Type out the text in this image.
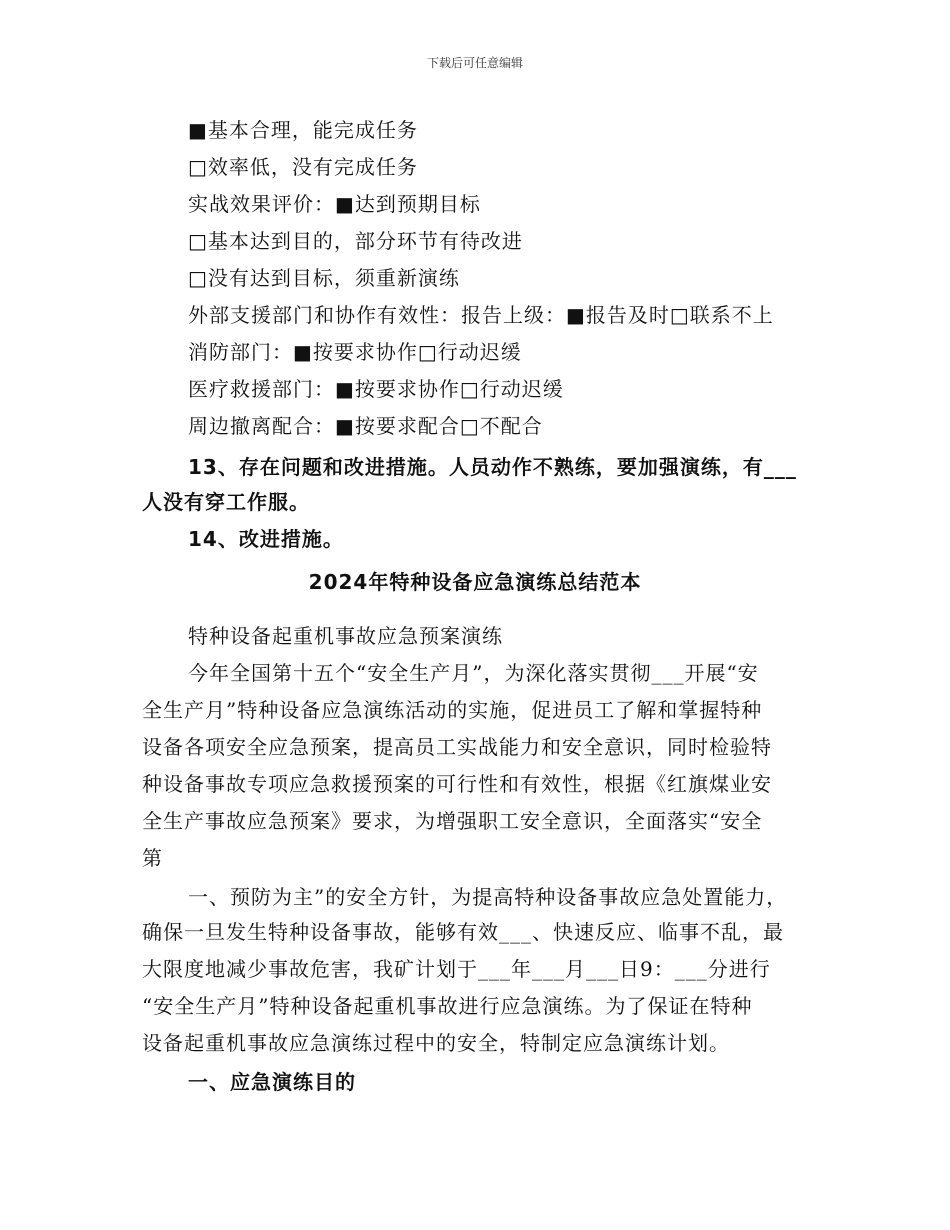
下载后可任意编辑
■基本合理，能完成任务
□效率低，没有完成任务
实战效果评价：■达到预期目标
□基本达到目的，部分环节有待改进
□没有达到目标，须重新演练
外部支援部门和协作有效性：报告上级：■报告及时□联系不上
消防部门：■按要求协作□行动迟缓
医疗救援部门：■按要求协作□行动迟缓
周边撤离配合：■按要求配合□不配合
13、存在问题和改进措施。人员动作不熟练，要加强演练，有___
人没有穿工作服。
14、改进措施。
2024年特种设备应急演练总结范本
特种设备起重机事故应急预案演练
今年全国第十五个“安全生产月”，为深化落实贯彻___开展“安
全生产月”特种设备应急演练活动的实施，促进员工了解和掌握特种
设备各项安全应急预案，提高员工实战能力和安全意识，同时检验特
种设备事故专项应急救援预案的可行性和有效性，根据《红旗煤业安
全生产事故应急预案》要求，为增强职工安全意识，全面落实“安全
第
一、预防为主”的安全方针，为提高特种设备事故应急处置能力，
确保一旦发生特种设备事故，能够有效___、快速反应、临事不乱，最
大限度地减少事故危害，我矿计划于___年___月___日9：___分进行
“安全生产月”特种设备起重机事故进行应急演练。为了保证在特种
设备起重机事故应急演练过程中的安全，特制定应急演练计划。
一、应急演练目的
